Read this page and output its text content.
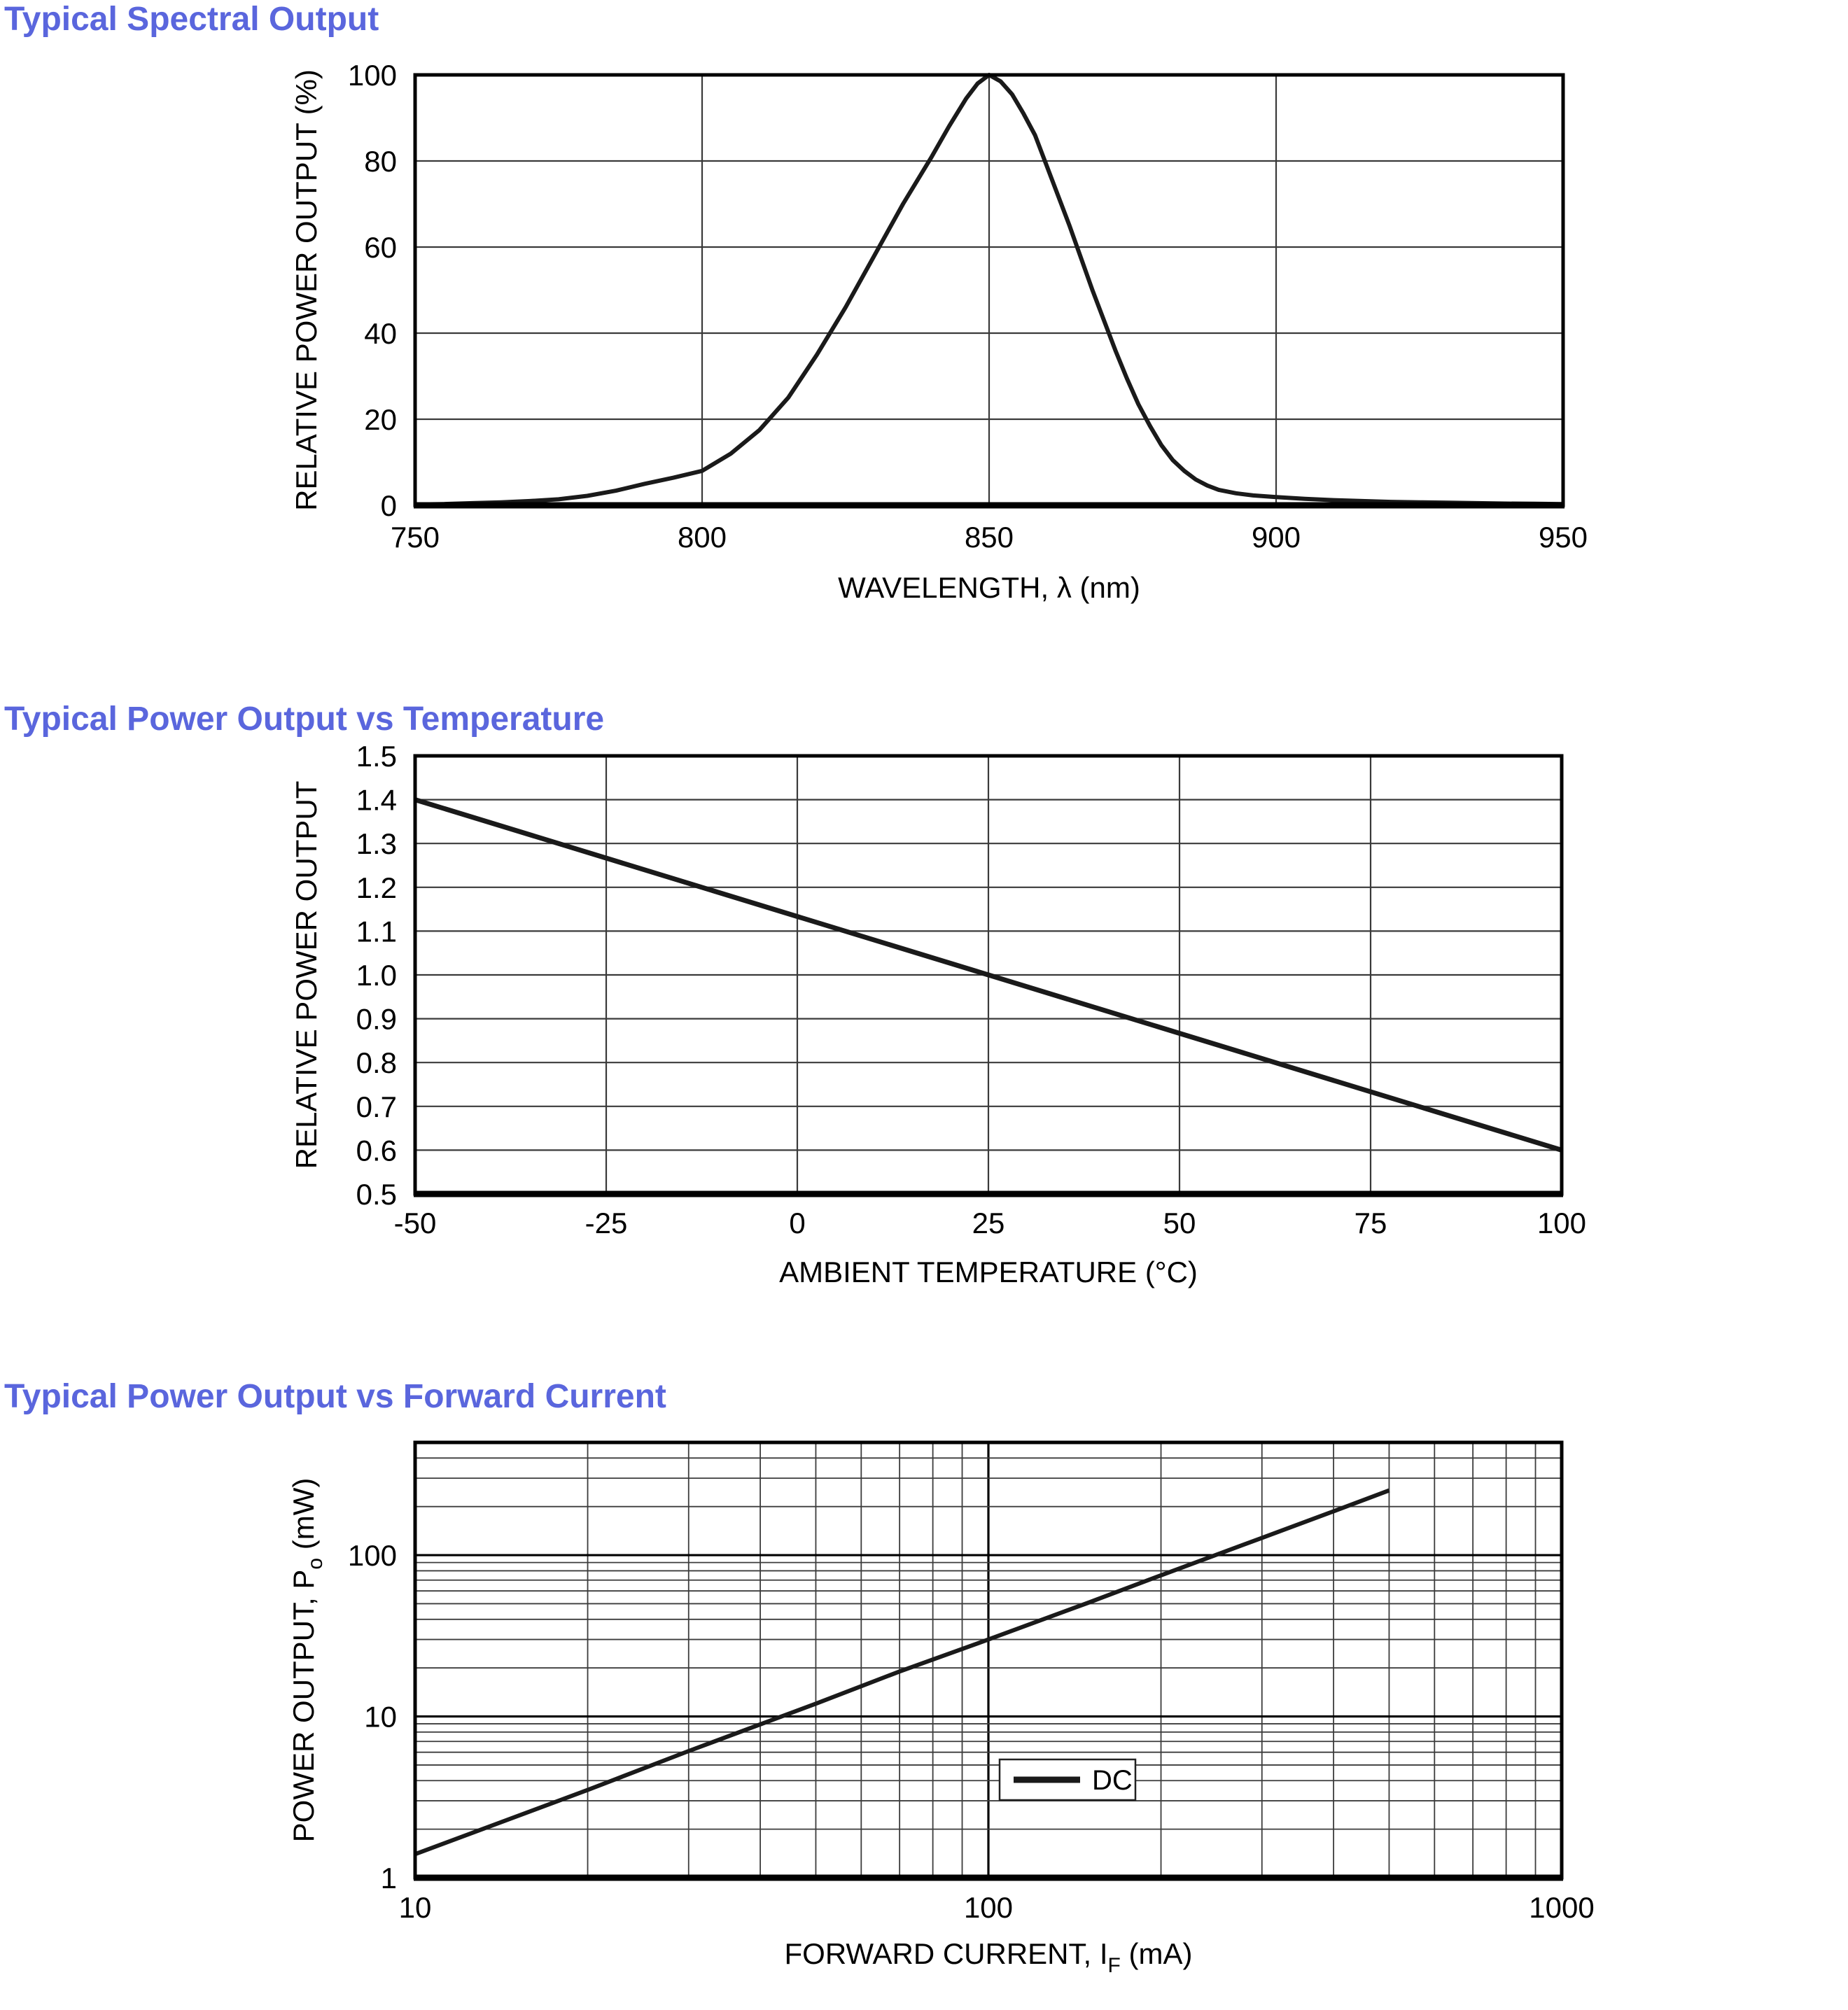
Typical Spectral Output
Typical Power Output vs Temperature
Typical Power Output vs Forward Current
0
20
40
60
80
100
750	800	850	900	950
WAVELENGTH, λ (nm)
RELATIVE POWER OUTPUT (%)
0.5
0.6
0.7
0.8
0.9
1.0
1.1
1.2
1.3
1.4
1.5
-50	-25	0	25	50	75	100
AMBIENT TEMPERATURE (°C)
RELATIVE POWER OUTPUT
1
10
100
10	100	1000
FORWARD CURRENT, $I_F$ (mA)
POWER OUTPUT, $P_o$ (mW)
DC
